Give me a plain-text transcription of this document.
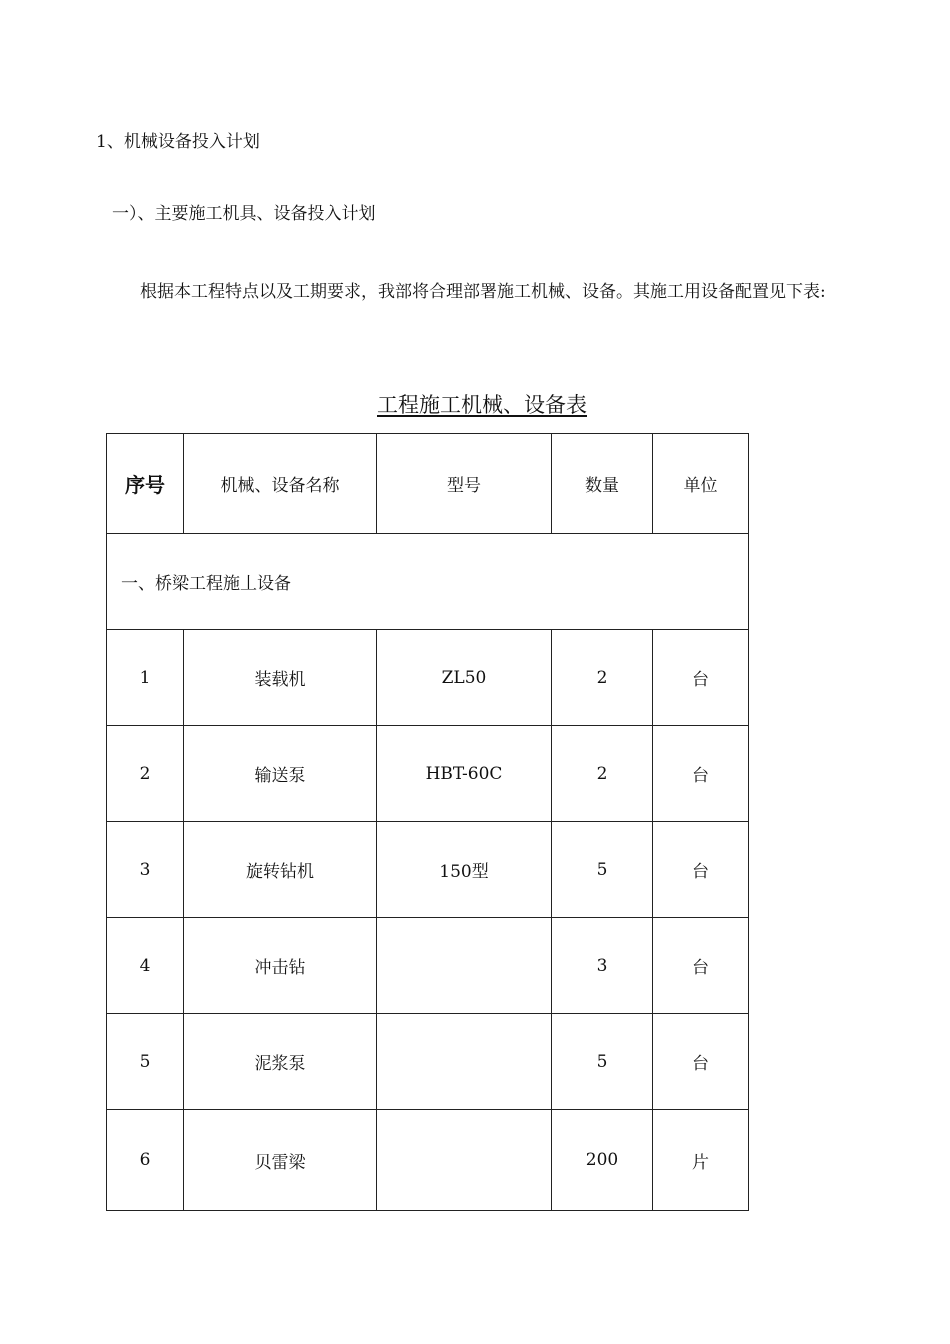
1、机械设备投入计划
一）、主要施工机具、设备投入计划
根据本工程特点以及工期要求，我部将合理部署施工机械、设备。其施工用设备配置见下表:
工程施工机械、设备表
序号	机械、设备名称	型号	数量	单位
一、桥梁工程施丄设备				
1	装载机	ZL50	2	台
2	输送泵	HBT-60C	2	台
3	旋转钻机	150型	5	台
4	冲击钻		3	台
5	泥浆泵		5	台
6	贝雷梁		200	片
